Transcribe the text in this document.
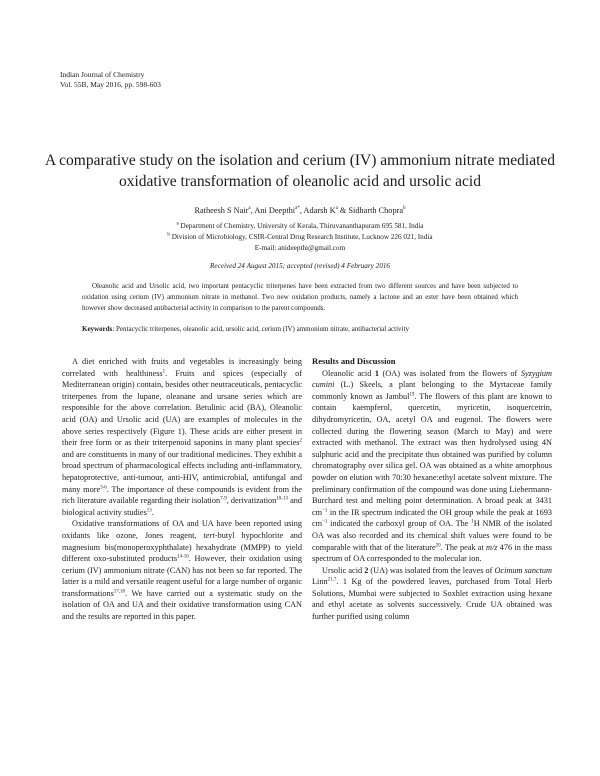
Indian Journal of Chemistry
Vol. 55B, May 2016, pp. 598-603
A comparative study on the isolation and cerium (IV) ammonium nitrate mediated
oxidative transformation of oleanolic acid and ursolic acid
Ratheesh S Nair$^a$, Ani Deepthi$^{a*}$, Adarsh $K^a$ & Sidharth Chopra$^b$
$^a$ Department of Chemistry, University of Kerala, Thiruvananthapuram 695 581, India
$^b$ Division of Microbiology, CSIR-Central Drug Research Institute, Lucknow 226 021, India
E-mail: anideepthi@gmail.com
Received 24 August 2015; accepted (revised) 4 February 2016

Oleanolic acid and Ursolic acid, two important pentacyclic triterpenes have been extracted from two different sources and have been subjected to oxidation using cerium (IV) ammonium nitrate in methanol. Two new oxidation products, namely a lactone and an ester have been obtained which however show decreased antibacterial activity in comparison to the parent compounds.

Keywords: Pentacyclic triterpenes, oleanolic acid, ursolic acid, cerium (IV) ammonium nitrate, antibacterial activity

A diet enriched with fruits and vegetables is increasingly being correlated with healthiness$^1$. Fruits and spices (especially of Mediterranean origin) contain, besides other neutraceuticals, pentacyclic triterpenes from the lupane, oleanane and ursane series which are responsible for the above correlation. Betulinic acid (BA), Oleanolic acid (OA) and Ursolic acid (UA) are examples of molecules in the above series respectively (Figure 1). These acids are either present in their free form or as their triterpenoid saponins in many plant species$^2$ and are constituents in many of our traditional medicines. They exhibit a broad spectrum of pharmacological effects including anti-inflammatory, hepatoprotective, anti-tumour, anti-HIV, antimicrobial, antifungal and many more$^{3-6}$. The importance of these compounds is evident from the rich literature available regarding their isolation$^{7-9}$, derivatization$^{10-13}$ and biological activity studies$^{13}$.

Oxidative transformations of OA and UA have been reported using oxidants like ozone, Jones reagent, tert-butyl hypochlorite and magnesium bis(monoperoxyphthalate) hexahydrate (MMPP) to yield different oxo-substituted products$^{14-16}$. However, their oxidation using cerium (IV) ammonium nitrate (CAN) has not been so far reported. The latter is a mild and versatile reagent useful for a large number of organic transformations$^{17,18}$. We have carried out a systematic study on the isolation of OA and UA and their oxidative transformation using CAN and the results are reported in this paper.

Results and Discussion

Oleanolic acid 1 (OA) was isolated from the flowers of Syzygium cumini (L.) Skeels, a plant belonging to the Myrtaceae family commonly known as Jambul$^{19}$. The flowers of this plant are known to contain kaempferol, quercetin, myricetin, isoquercetrin, dihydromyricetin, OA, acetyl OA and eugenol. The flowers were collected during the flowering season (March to May) and were extracted with methanol. The extract was then hydrolysed using 4N sulphuric acid and the precipitate thus obtained was purified by column chromatography over silica gel. OA was obtained as a white amorphous powder on elution with 70:30 hexane:ethyl acetate solvent mixture. The preliminary confirmation of the compound was done using Liebermann-Burchard test and melting point determination. A broad peak at 3431 $cm^{-1}$ in the IR spectrum indicated the OH group while the peak at 1693 $cm^{-1}$ indicated the carboxyl group of OA. The $^1$H NMR of the isolated OA was also recorded and its chemical shift values were found to be comparable with that of the literature$^{20}$. The peak at m/z 476 in the mass spectrum of OA corresponded to the molecular ion.

Ursolic acid 2 (UA) was isolated from the leaves of Ocimum sanctum Linn$^{21,7}$. 1 Kg of the powdered leaves, purchased from Total Herb Solutions, Mumbai were subjected to Soxhlet extraction using hexane and ethyl acetate as solvents successively. Crude UA obtained was further purified using column
